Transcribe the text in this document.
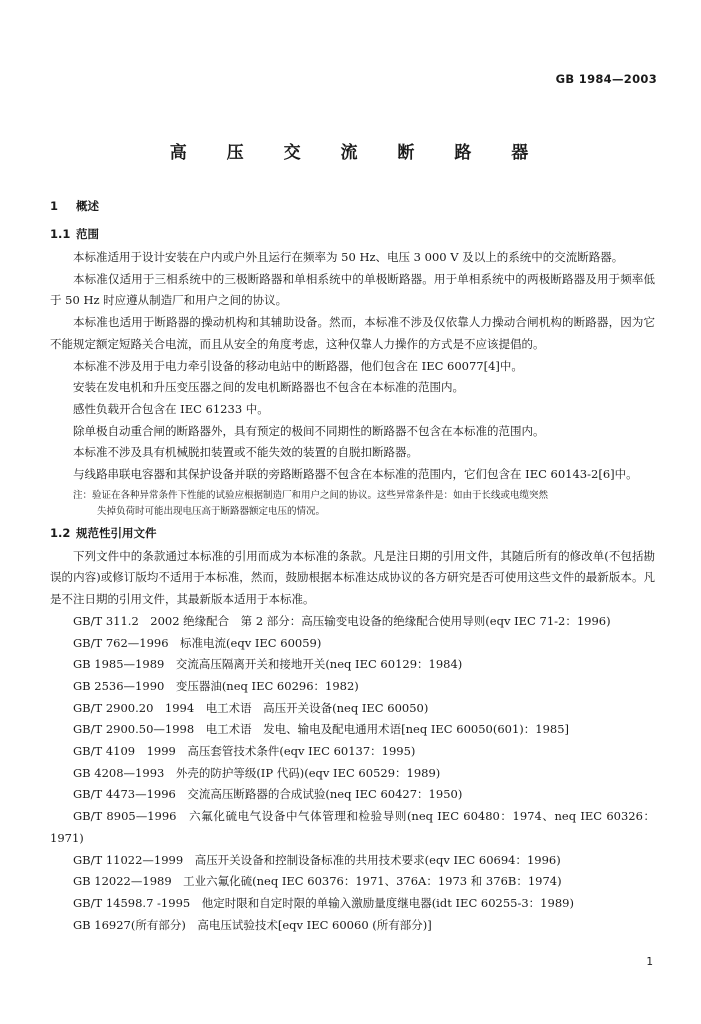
GB 1984—2003
高 压 交 流 断 路 器
1 概述
1.1 范围

本标准适用于设计安装在户内或户外且运行在频率为 50 Hz、电压 3 000 V 及以上的系统中的交流断路器。

本标准仅适用于三相系统中的三极断路器和单相系统中的单极断路器。用于单相系统中的两极断路器及用于频率低于 50 Hz 时应遵从制造厂和用户之间的协议。

本标准也适用于断路器的操动机构和其辅助设备。然而，本标准不涉及仅依靠人力操动合闸机构的断路器，因为它不能规定额定短路关合电流，而且从安全的角度考虑，这种仅靠人力操作的方式是不应该提倡的。

本标准不涉及用于电力牵引设备的移动电站中的断路器，他们包含在 IEC 60077[4]中。

安装在发电机和升压变压器之间的发电机断路器也不包含在本标准的范围内。

感性负载开合包含在 IEC 61233 中。

除单极自动重合闸的断路器外，具有预定的极间不同期性的断路器不包含在本标准的范围内。

本标准不涉及具有机械脱扣装置或不能失效的装置的自脱扣断路器。

与线路串联电容器和其保护设备并联的旁路断路器不包含在本标准的范围内，它们包含在 IEC 60143-2[6]中。

注：验证在各种异常条件下性能的试验应根据制造厂和用户之间的协议。这些异常条件是：如由于长线或电缆突然
失掉负荷时可能出现电压高于断路器额定电压的情况。
1.2 规范性引用文件

下列文件中的条款通过本标准的引用而成为本标准的条款。凡是注日期的引用文件，其随后所有的修改单(不包括勘误的内容)或修订版均不适用于本标准，然而，鼓励根据本标准达成协议的各方研究是否可使用这些文件的最新版本。凡是不注日期的引用文件，其最新版本适用于本标准。

GB/T 311.2　2002 绝缘配合　第 2 部分：高压输变电设备的绝缘配合使用导则(eqv IEC 71-2：1996)

GB/T 762—1996　标准电流(eqv IEC 60059)

GB 1985—1989　交流高压隔离开关和接地开关(neq IEC 60129：1984)

GB 2536—1990　变压器油(neq IEC 60296：1982)

GB/T 2900.20　1994　电工术语　高压开关设备(neq IEC 60050)

GB/T 2900.50—1998　电工术语　发电、输电及配电通用术语[neq IEC 60050(601)：1985]

GB/T 4109　1999　高压套管技术条件(eqv IEC 60137：1995)

GB 4208—1993　外壳的防护等级(IP 代码)(eqv IEC 60529：1989)

GB/T 4473—1996　交流高压断路器的合成试验(neq IEC 60427：1950)

GB/T 8905—1996　六氟化硫电气设备中气体管理和检验导则(neq IEC 60480：1974、neq IEC 60326：1971)

GB/T 11022—1999　高压开关设备和控制设备标准的共用技术要求(eqv IEC 60694：1996)

GB 12022—1989　工业六氟化硫(neq IEC 60376：1971、376A：1973 和 376B：1974)

GB/T 14598.7 -1995　他定时限和自定时限的单输入激励量度继电器(idt IEC 60255-3：1989)

GB 16927(所有部分)　高电压试验技术[eqv IEC 60060 (所有部分)]

1
